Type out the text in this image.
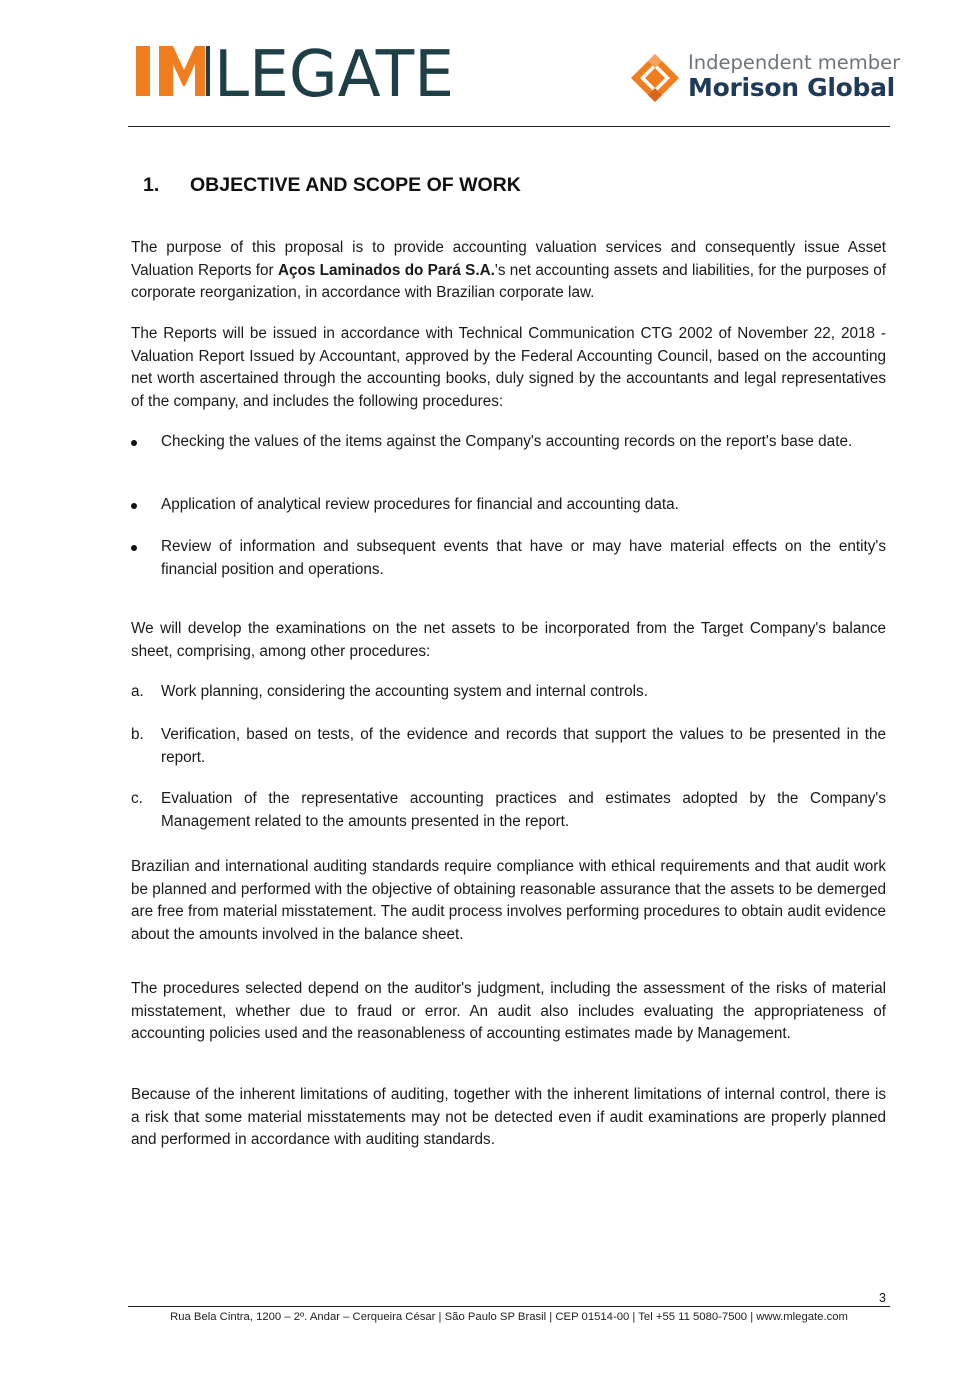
LEGATE	Independent member
Morison Global
1. OBJECTIVE AND SCOPE OF WORK
The purpose of this proposal is to provide accounting valuation services and consequently issue Asset Valuation Reports for Aços Laminados do Pará S.A.'s net accounting assets and liabilities, for the purposes of corporate reorganization, in accordance with Brazilian corporate law.
The Reports will be issued in accordance with Technical Communication CTG 2002 of November 22, 2018 - Valuation Report Issued by Accountant, approved by the Federal Accounting Council, based on the accounting net worth ascertained through the accounting books, duly signed by the accountants and legal representatives of the company, and includes the following procedures:
Checking the values of the items against the Company's accounting records on the report's base date.
Application of analytical review procedures for financial and accounting data.
Review of information and subsequent events that have or may have material effects on the entity's financial position and operations.
We will develop the examinations on the net assets to be incorporated from the Target Company's balance sheet, comprising, among other procedures:
a. Work planning, considering the accounting system and internal controls.
b. Verification, based on tests, of the evidence and records that support the values to be presented in the report.
c. Evaluation of the representative accounting practices and estimates adopted by the Company's Management related to the amounts presented in the report.
Brazilian and international auditing standards require compliance with ethical requirements and that audit work be planned and performed with the objective of obtaining reasonable assurance that the assets to be demerged are free from material misstatement. The audit process involves performing procedures to obtain audit evidence about the amounts involved in the balance sheet.
The procedures selected depend on the auditor's judgment, including the assessment of the risks of material misstatement, whether due to fraud or error. An audit also includes evaluating the appropriateness of accounting policies used and the reasonableness of accounting estimates made by Management.
Because of the inherent limitations of auditing, together with the inherent limitations of internal control, there is a risk that some material misstatements may not be detected even if audit examinations are properly planned and performed in accordance with auditing standards.
3
Rua Bela Cintra, 1200 – 2º. Andar – Cerqueira César | São Paulo SP Brasil | CEP 01514-00 | Tel +55 11 5080-7500 | www.mlegate.com
